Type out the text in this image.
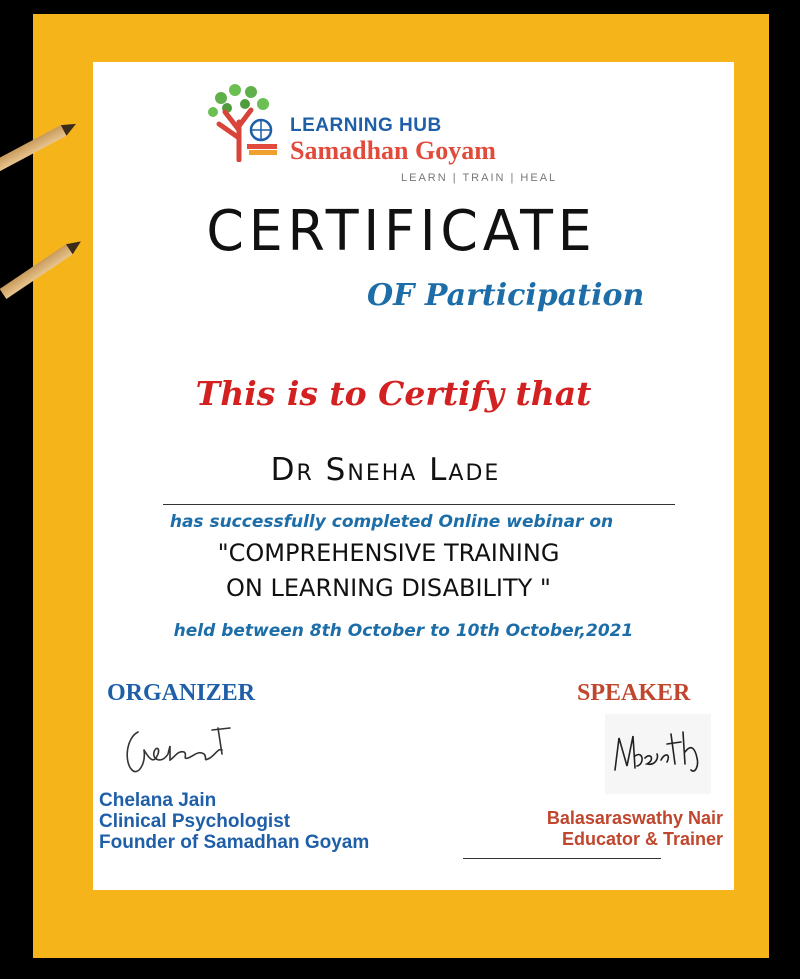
LEARNING HUB
Samadhan Goyam
LEARN | TRAIN | HEAL
CERTIFICATE
OF Participation
This is to Certify that
Dr Sneha Lade
has successfully completed Online webinar on
"COMPREHENSIVE TRAINING
ON LEARNING DISABILITY "
held between 8th October to 10th October,2021
ORGANIZER	SPEAKER
Chelana Jain
Clinical Psychologist
Founder of Samadhan Goyam
Balasaraswathy Nair
Educator & Trainer
